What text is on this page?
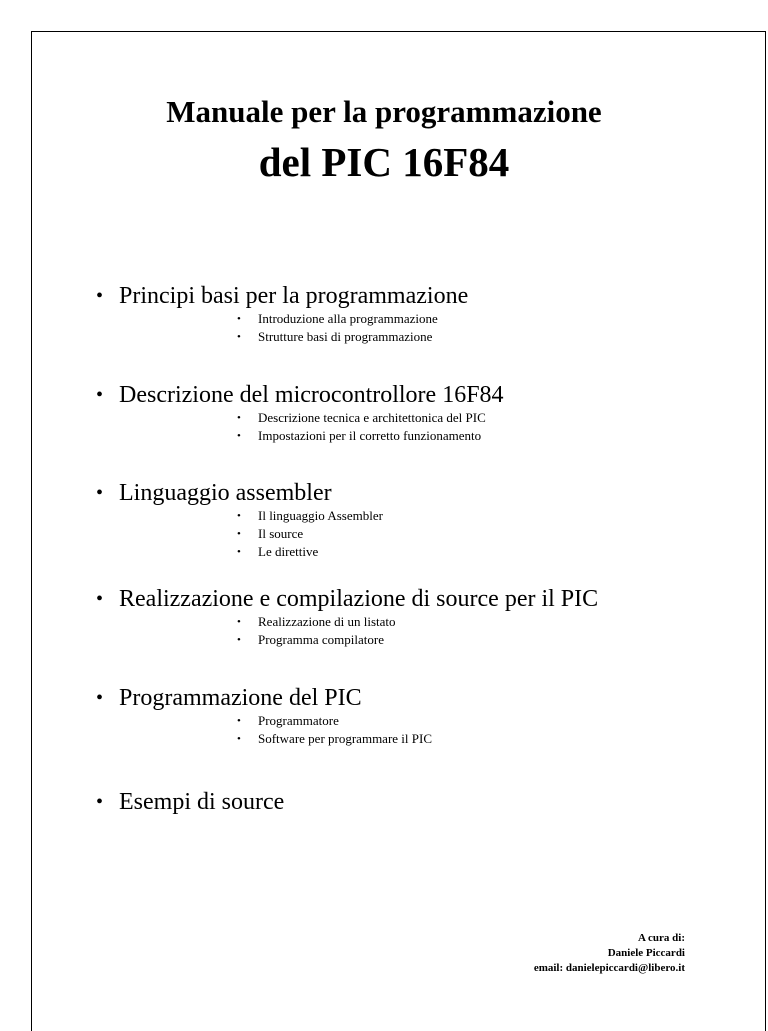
Manuale per la programmazione
del PIC 16F84
• Principi basi per la programmazione
• Introduzione alla programmazione
• Strutture basi di programmazione
• Descrizione del microcontrollore 16F84
• Descrizione tecnica e architettonica del PIC
• Impostazioni per il corretto funzionamento
• Linguaggio assembler
• Il linguaggio Assembler
• Il source
• Le direttive
• Realizzazione e compilazione di source per il PIC
• Realizzazione di un listato
• Programma compilatore
• Programmazione del PIC
• Programmatore
• Software per programmare il PIC
• Esempi di source
A cura di:
Daniele Piccardi
email: danielepiccardi@libero.it
